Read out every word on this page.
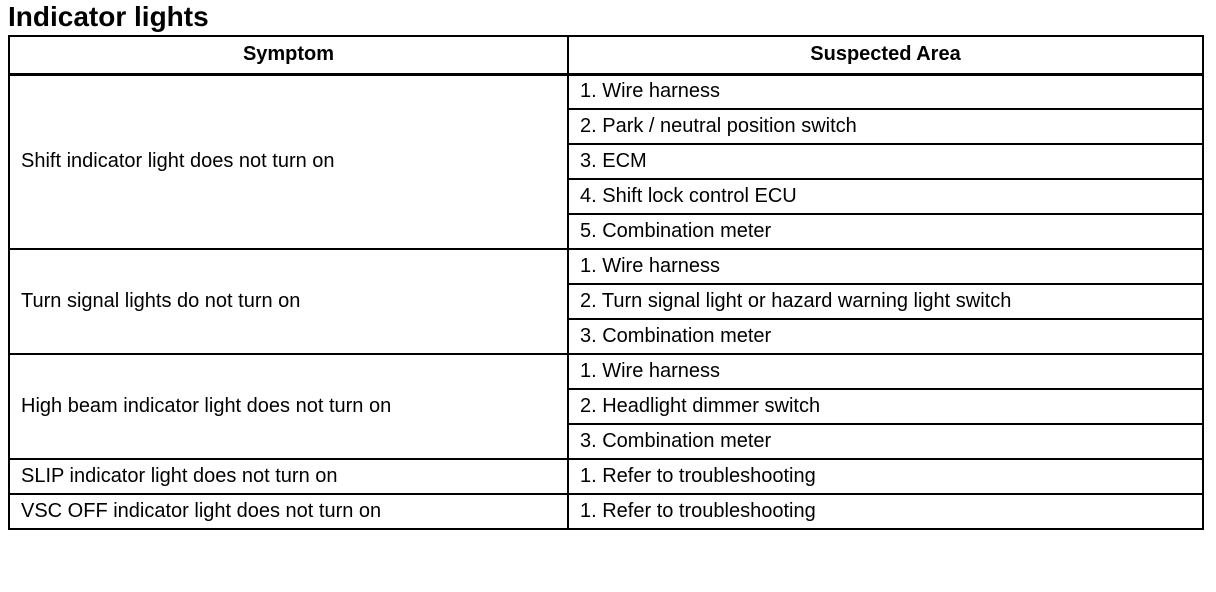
Indicator lights
Symptom	Suspected Area
Shift indicator light does not turn on	1. Wire harness
	2. Park / neutral position switch
	3. ECM
	4. Shift lock control ECU
	5. Combination meter
Turn signal lights do not turn on	1. Wire harness
	2. Turn signal light or hazard warning light switch
	3. Combination meter
High beam indicator light does not turn on	1. Wire harness
	2. Headlight dimmer switch
	3. Combination meter
SLIP indicator light does not turn on	1. Refer to troubleshooting
VSC OFF indicator light does not turn on	1. Refer to troubleshooting
